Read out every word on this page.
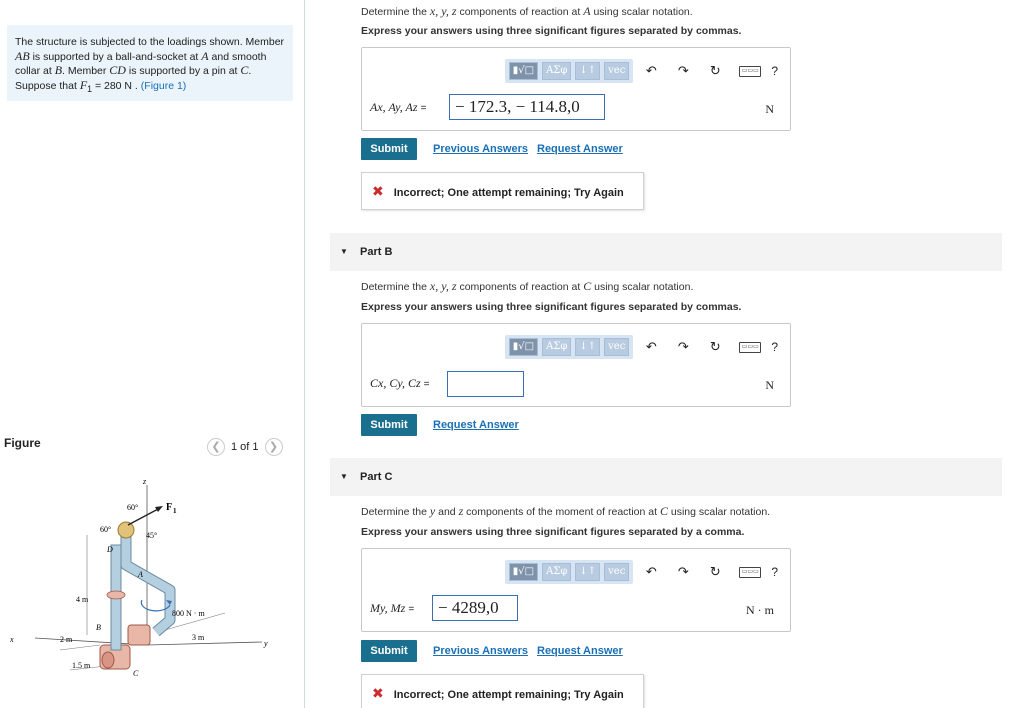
The structure is subjected to the loadings shown. Member AB is supported by a ball-and-socket at A and smooth collar at B. Member CD is supported by a pin at C. Suppose that $F_1 = 280$ N . (Figure 1)
Figure	❮ 1 of 1 ❯
z
60°	F 1
60°
45°
D
A
4 m
800 N · m
B
2 m	3 m
x	y
1.5 m
C
Determine the x, y, z components of reaction at A using scalar notation.
Express your answers using three significant figures separated by commas.
▮√□	ΑΣφ	↓↑	vec	↶	↷	↻	▭▭▭ ?
Ax, Ay, Az =	− 172.3, − 114.8,0	N
Submit	Previous Answers Request Answer
✖ Incorrect; One attempt remaining; Try Again
▼ Part B
Determine the x, y, z components of reaction at C using scalar notation.
Express your answers using three significant figures separated by commas.
▮√□	ΑΣφ	↓↑	vec	↶	↷	↻	▭▭▭ ?
Cx, Cy, Cz =	N
Submit	Request Answer
▼ Part C
Determine the y and z components of the moment of reaction at C using scalar notation.
Express your answers using three significant figures separated by a comma.
▮√□	ΑΣφ	↓↑	vec	↶	↷	↻	▭▭▭ ?
My, Mz =	− 4289,0	N · m
Submit	Previous Answers Request Answer
✖ Incorrect; One attempt remaining; Try Again
